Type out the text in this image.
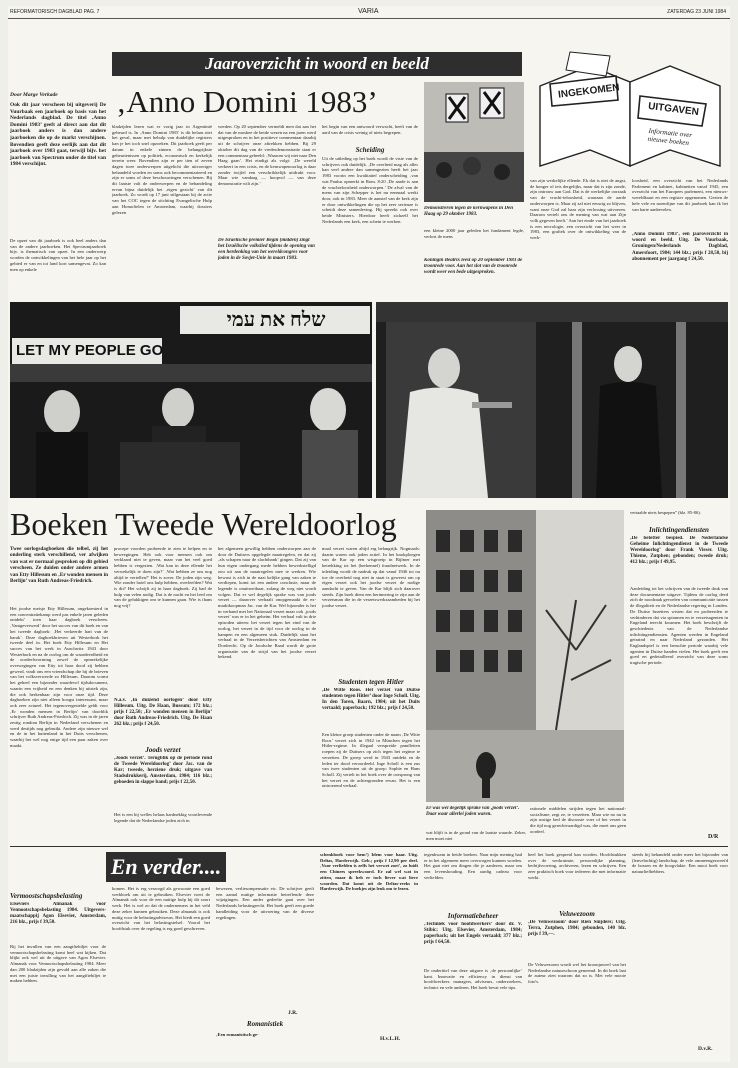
REFORMATORISCH DAGBLAD PAG. 7	VARIA	ZATERDAG 23 JUNI 1984
Jaaroverzicht in woord en beeld
INGEKOMEN
UITGAVEN
Informatie over nieuwe boeken
Door Marge Verkade ‚Anno Domini 1983’
Ook dit jaar verscheen bij uitgeverij De Vuurbaak een jaarboek op basis van het Nederlands dagblad. De titel ‚Anno Domini 1983’ geeft al direct aan dat dit jaarboek anders is dan andere jaarboeken die op de markt verschijnen. Bovendien geeft deze eerlijk aan dat dit jaarboek over 1983 gaat, terwijl bijv. het jaarboek van Spectrum onder de titel van 1984 verschijnt.
De opzet van dit jaarboek is ook heel anders dan van de andere jaarboeken. Het Spectrumjaarboek bijv. is thematisch van opzet. In een onderwerp worden de ontwikkelingen van het hele jaar op het gebied er van en tot land kort samengevat. Zo kan men op enkele
bladzijden lezen wat er vorig jaar in Argentinië gebeurd is. In ‚Anno Domini 1983’ is dit helaas niet het geval, maar met behulp van duidelijke registers kan je het toch snel opzoeken. Dit jaarboek geeft per datum in enkele zinnen de belangrijkste gebeurtenissen op politiek, economisch en kerkelijk terrein weer. Bovendien zijn er per tien of zeven dagen twee onderwerpen uitgelicht die uitvoeriger behandeld worden en soms ook becommentarieerd en zijn er soms of deze beschouwingen verschenen. Bij dit laatste valt de onderwerpen en de behandeling ervan bijna duidelijk het ‚eigen gezicht’ van dit jaarboek. Zo wordt op 17 juni stilgestaan bij de actie van het COC tegen de stichting Evangelische Hulp aan Homofielen te Amsterdam, waarbij dossiers gelezen
werden. Op 20 september vermeldt men dat aan het dat van de moskee de beide wezen na een jaren werd uitgesproken en in het positieve commentaar daarbij uit de schrijver onze aftrekken hebben. Bij 29 oktober dit dag van de vredesdemonstratie staat er een commentaar geheeld: ‚Waarom wij niet naar Den Haag gaan’. Het eindigt als volgt: ‚De wereld verkeert in een crisis, en de kernwapenoorlog is daar zonder twijfel een verschrikkelijk uitdrukt voor. Maar wie vandaag — hoopvol — van deze demonstratie wilt zijn.’
De Israëlische premier Begin (midden) zingt het Israëlische volkslied tijdens de opening van een herdenking van het wereldcongres voor joden in de Sovjet-Unie in maart 1983.
het begin van een antwoord verwacht, heeft van de aard van de crisis weinig of niets begrepen.
Scheiding
Uit de uitleding op het boek wordt de visie van de schrijvers ook duidelijk. ‚De overheid mag als alles kan veel andere dan samengezien heeft het jaar 1983 voorin een kwalitatief onderscheiding ‚van wat Paulus opmerkt in Rom. 8:20 ‚De aarde is aan de vruchteloosheid onderworpen.’ De afval van de mens van zijn Schepper is het nu eenmaal werkt door, ook in 1983. Meer de aanstel van de kerk zijn er door ontwikkelingen die op het zeer serieuze is scheidt deze samenleving. Hij spreekt ook over beide Ministers. Hierdoor heeft zichzelf het Nederlands een kerk, een schein te werken.
Demonstreren tegen de kernwapens in Den Haag op 29 oktober 1983.
een kleine 2000 jaar geleden het fundament legde, verlost de mens
Koningin Beatrix leest op 20 september 1983 de troonrede voor. Aan het slot van de troonrede wordt weer een bede uitgesproken.
van zijn werkelijke ellende. Ek dat is niet de angst, de honger of iets dergelijks, maar dat is zijn zonde, zijn ontrouw aan God. Dat is de werkelijke oorzaak van de vrucht-teloosheid, waaraan de aarde onderworpen is. Maar zij zal niet eeuwig zo blijven, want onze God zal haar zijn verlossing uitvoeren. Daarom vertelt ons de mening van wat aan Zijn volk gegeven heeft.’ Aan het einde van het jaarboek is een necrologie, een overzicht van het weer in 1983, een grafiek over de ontwikkeling van de werk-
loosheid, een overzicht van het Nederlands Parlement en kabinet, kabinetten vanaf 1945, een overzicht van het Europees parlement, een nieuws-wereldkaart en een register opgenomen. Gezien de hele vele en noemfijne van dit jaarboek kan ik het van harte aanbevelen.
‚Anno Domini 1983’, een jaaroverzicht in woord en beeld. Uitg. De Vuurbaak, Groningen/Nederlands Dagblad, Amersfoort, 1984; 144 blz.; prijs f 28,50, bij abonnement per jaargang f 24,50.
שלח את עמי
LET MY PEOPLE GO
Boeken Tweede Wereldoorlog
Twee oorlogsdagboeken die telbel, zij het onderling sterk verschillend, ver afwijken van wat er normaal gesproken op dit gebied verscheen. Ze duiden onder andere armen van Etty Hillesum en ‚Er wonden mensen in Berlijn’ van Ruth Andreas-Friedrich.
Het joodse meisje Etty Hillesum, ongekoesterd in een concentratiekamp werd pas enkele jaren geleden ontdekt’ toen haar dagboek verscheen. ‚Vantgeverwerd’ door het succes van dit boek en van het tweede dagboek: ‚Het verkeerde hart van de barak’. Deze dagboekbrieven uit Westerbork het tweede deel in. Het boek Etty Hillesum en Het succes van het werk in Auschwitz 1943 door Westerbork en na de oorlog om de waardeerdheid en de oordeelsvorming zowel de opmerkelijke overwegingen van Etty tot haar dood zij hebben gewerd, vindt ons een vriendschap die hij de brieven van het volksverwerde zo Hillesum. Daarom vormt het geheel een bijzonder waardevol tijdsdocument, waarin een vrijheid en een denken bij uitstek zijn, die ook herkenbaar zijn voor onze tijd. Deze dagboeken zijn niet alleen hoogst interessant, maar ook zeer actueel. Het tegenovergestelde geldt voor ‚Er wonden mensen in Berlijn’ van doorblik schrijver Ruth Andreas-Friedrich. Zij was in de jaren zestig rondom Berlijn in Nederland verschenen en werd destijds nog gebruikt. Andere zijn nieuwe wel en de in het buitenland in het Duits verschenen, waarbij het wel nog enige tijd een paar zaken over maakt.
procepe voorden probeerde te zien te helpen en te beweegingen. Heb ook voor mensen ook om verklaard niet te geven, maar van het veel goed hebben is vergezien. ‚Wat kan in deze ellende het verwekelijk te doen zijn?’ ‚Wat hebben ze ons nog altijd te vertellen?’ Het is zover. De joden zijn weg. Wie zonder hotel ons hulp hebben, overleefden? Wat is dit? Het schrijft zij in haar dagboek. Zij had de hulp van velen nodig. Dat is de nacht en het leed om van de gelukkigen om te kunnen gaan. Wie is thans nog vrij?
N.a.v. ‚In duizend oorlogen’ door Etty Hillesum. Uitg. De Haan, Bussum; 172 blz.; prijs f 22,50; ‚Er wonden mensen in Berlijn’ door Ruth Andreas-Friedrich. Uitg. De Haan 262 blz.; prijs f 24,50.
Joods verzet
‚Joods verzet’. Terugblik op de periode rond de Tweede Wereldoorlog’ door Jac. van de Kar; tweede, herziene druk; uitgave van Stadsdrukkerij, Amsterdam, 1984; 116 blz.; geboeden in slappe band; prijs f 22,50.
Het is een bij welles helaas hardnekkig voortlevende legende dat de Nederlandse joden zich in
het algemeen gewillig hebben onderworpen aan de door de Duitsers opgelegde maatregelen, en dat zij ‚als schapen naar de slachtbank’ gingen. Dat zij van hun eigen ondergang mede hebben bewerkstelligd zou uit aan de maatregelen mee te werken. Wie bewust is zich in de nazi kelijke gang van zaken te verdiepen, komt tot een andere conclusie, maar de legende is onuitroeibaar, zolang de weg niet wordt volgen. Dat er wel degelijk sprake was van joods verzet — daarover verhaalt onopgemaakt de ex-marktkoopman Jac. van de Kar. Wel bijzonder is het in verband met het Nationaal verzet maar ook ‚joods verzet’ was er in het geheim. Het verhaal valt in drie episoden uiteen: het verzet tegen het eind van de oorlog, het verzet in de tijd voor de oorlog in de kampen en een algemeen stuk. Duidelijk staat het verhaal in de Verzetsberichten van Amsterdam en Dordrecht. Op de Joodsche Raad wordt de grote organisatie van de strijd van het joodse verzet bekend.
maal verzet waren altijd erg belangrijk. Nogmaals: daarin waren ook joden actief. In het knokploegen van de Kar op een wisgroeip in Bijlmer met betrekking tot het (herkennel) fraudnetwerk. In de inleiding wordt de nadruk op dat vanaf 1946 tot nu toe de overheid nog niet in staat is geweest om op eigen verzet ook het joodse verzet de nodige aandacht te geven. Van de Kar blijft zich daarover steeds. Zijn boek dient een herinnering te zijn aan de verzetsman die in de verzetswerkzaamheden bij het joodse verzet.
Studenten tegen Hitler
‚De Witte Roos. Het verzet van Duitse studenten tegen Hitler’ door Inge Scholl. Uitg. In den Toren, Baarn, 1984; uit het Duits vertaald; paperback; 192 blz.; prijs f 24,50.
Een kleine groep studenten onder de naam ‚De Witte Roos’ verzet zich in 1942 in München tegen het Hitler-regime. In illegaal verspreide pamfletten roepen zij de Duitsers op zich tegen het regime te verzetten. De groep werd in 1943 ontdekt en de leden ter dood veroordeeld. Inge Scholl is een zus van twee studenten uit de groep: Sophie en Hans Scholl. Zij vertelt in het boek over de oorsprong van het verzet en de achtergronden ervan. Het is een ontroerend verhaal.
Er was wel degelijk sprake van ‚joods verzet’. Daar waar allerlei joden waren.
wat blijft is in de grond van de laatste waarde. Zeker, men moet niet
rationele middelen strijden tegen het nationaal-socialisme, zegt ze, te verzetten. Maar wie no nu in zijn rustige bed de discussie voer of het verzet in die tijd nog gerechtvaardigd was, die moet ons geen oordeel.
vertaalde niets bespepen” (blz. 85-86).
Inlichtingendiensten
‚De betetter bespied. De Nederlandse Geheime Inlichtingendienst in de Tweede Wereldoorlog’ door Frank Visser. Uitg. Thieme, Zutphen; gebonden; tweede druk; 412 blz.; prijs f 49,95.
Aanleiding tot het schrijven van de tweede druk van deze documentaire uitgave. Tijdens de oorlog deed zich de noodzaak gevoelen van communicatie tussen de illegaliteit en de Nederlandse regering in Londen. De Duitse bezetters wisten dat en probeerden te verhinderen dat via spionnen en te verzetsagenten in Engeland terecht kwamen. Het boek beschrijft de geschiedenis van de Nederlandse inlichtingendiensten. Agenten werden in Engeland getraind en naar Nederland gezonden. Het Englandspiel is een beruchte periode waarbij vele agenten in Duitse handen vielen. Het boek geeft een goed en gedetailleerd overzicht van deze soms tragische periode.
D/R
En verder....
Vermoostschapsbelasting
Elseviers Almanak voor Vennootschapsbelasting 1984. Uitgevers-maatschappij Agon Elsevier, Amsterdam, 216 blz., prijs f 39,50.
Bij het invullen van een aangiftebiljet voor de vennootschapsbelasting komt heel wat kijken. Dat blijkt ook wel uit de uitgave van Agon Elsevier. Almanak voor Vennootschapsbelasting 1984. Meer dan 200 bladzijden zijn gevuld aan alle zaken die met een juiste invulling van het aangiftebiljet te maken hebben.
komen. Het is erg verzorgd als gewoonte een goed werkboek om uit te gebruiken. Elsevier voert de Almanak ook voor de een nuttige hulp bij dit soort werk. Het is wel zo dat de ondernemers in het veld deze zeker kunnen gebruiken. Deze almanak is ook nuttig voor de belastingadviseurs. Het biedt een goed overzicht van het belastingstelsel. Vooral het hoofdstuk over de regeling is erg goed geschreven.
bewezen, verliesompensatie etc. De schrijver geeft een aantal nuttige informatie betreffende deze wijzigingen. Een ander gedeelte gaat over het Nederlands belastingrecht. Het boek geeft een goede handleiding voor de uitvoering van de diverse regelingen.
J.R.
Romanistiek
‚Een romanistisch ge-
schenkboek voor hem’) Idem voor haar. Uitg. Deltas, Harderwijk. Geb.; prijs f 12,90 per deel. ‚Voor verliefden is zelfs het verwet zoet’, zo luidt een Chinees spreekwoord. Er zal wel wat in zitten, maar ik heb er toch liever wat lieve woorden. Dat komt uit de Deltas-reeks in Harderwijk. De boekjes zijn leuk om te lezen.
H.v.L.H.
tegenkwam in beide boeken. Naar mijn mening had er in het algemeen meer overwogen kunnen worden. Het gaat niet om dingen die je aanleren, maar om een levenshouding. Een aardig cadeau voor verliefden.
Informatiebeheer
‚Techniek voor hoofdwerkers’ door dr. V. Stibic; Uitg. Elsevier, Amsterdam, 1984; paperback; uit het Engels vertaald; 377 blz.; prijs f 64,50.
De ondertitel van deze uitgave is ‚de persoonlijke’ kant. Innovatie en efficiency in dienst van hoofdwerkers: managers, adviseurs, onderzoekers, technici en vele anderen. Het boek bevat vele tips.
heel het boek gespreid kan worden. Hoofdstukken over de werkruimte, persoonlijke planning, bedrijfsvoering, archiveren, lezen en schrijven. Een zeer praktisch boek voor iedereen die met informatie werkt.
Veluwezoom
‚De Veluwezoom’ door Rien Snijders; Uitg. Terra, Zutphen, 1984; gebonden, 140 blz. prijs f 39,—.
De Veluwezoom wordt wel het kroonjuweel van het Nederlandse natuurschoon genoemd. In dit boek laat de auteur zien waarom dat zo is. Met vele mooie foto's.
steeds bij behandeld onder meer het bijzonder van (lenvelachtig) landschap, de vele ommeengezweefd de bossen en de hoogvlakte. Een mooi boek voor natuurliefhebbers.
D.v.R.
